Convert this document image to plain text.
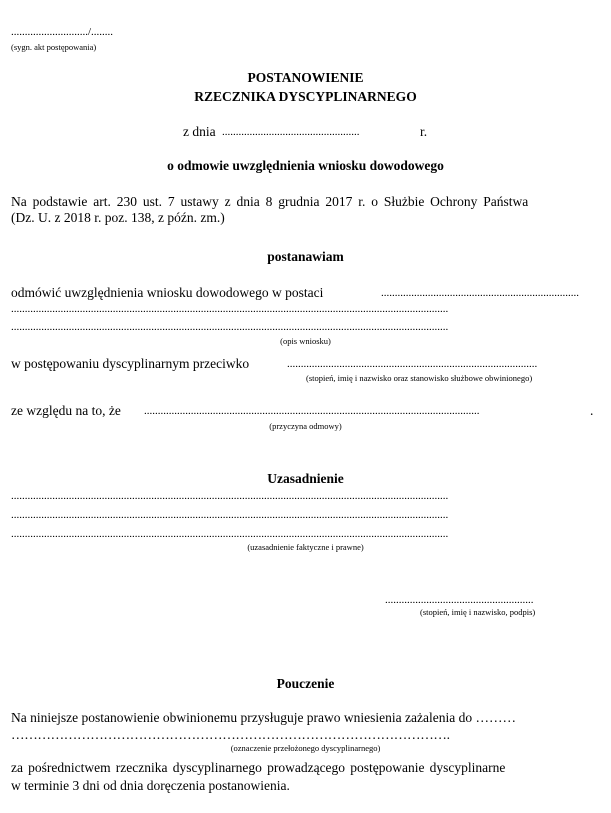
............................/........
(sygn. akt postępowania)
POSTANOWIENIE
RZECZNIKA DYSCYPLINARNEGO
z dnia ..................................................	r.
o odmowie uwzględnienia wniosku dowodowego
Na podstawie art. 230 ust. 7 ustawy z dnia 8 grudnia 2017 r. o Służbie Ochrony Państwa
(Dz. U. z 2018 r. poz. 138, z późn. zm.)
postanawiam
odmówić uwzględnienia wniosku dowodowego w postaci	........................................................................
...............................................................................................................................................................
...............................................................................................................................................................
(opis wniosku)
w postępowaniu dyscyplinarnym przeciwko	...........................................................................................
(stopień, imię i nazwisko oraz stanowisko służbowe obwinionego)
ze względu na to, że ..........................................................................................................................	.
(przyczyna odmowy)
Uzasadnienie
...............................................................................................................................................................
...............................................................................................................................................................
...............................................................................................................................................................
(uzasadnienie faktyczne i prawne)
......................................................
(stopień, imię i nazwisko, podpis)
Pouczenie
Na niniejsze postanowienie obwinionemu przysługuje prawo wniesienia zażalenia do ………
……………………………………………………………………………………….
(oznaczenie przełożonego dyscyplinarnego)
za pośrednictwem rzecznika dyscyplinarnego prowadzącego postępowanie dyscyplinarne
w terminie 3 dni od dnia doręczenia postanowienia.
